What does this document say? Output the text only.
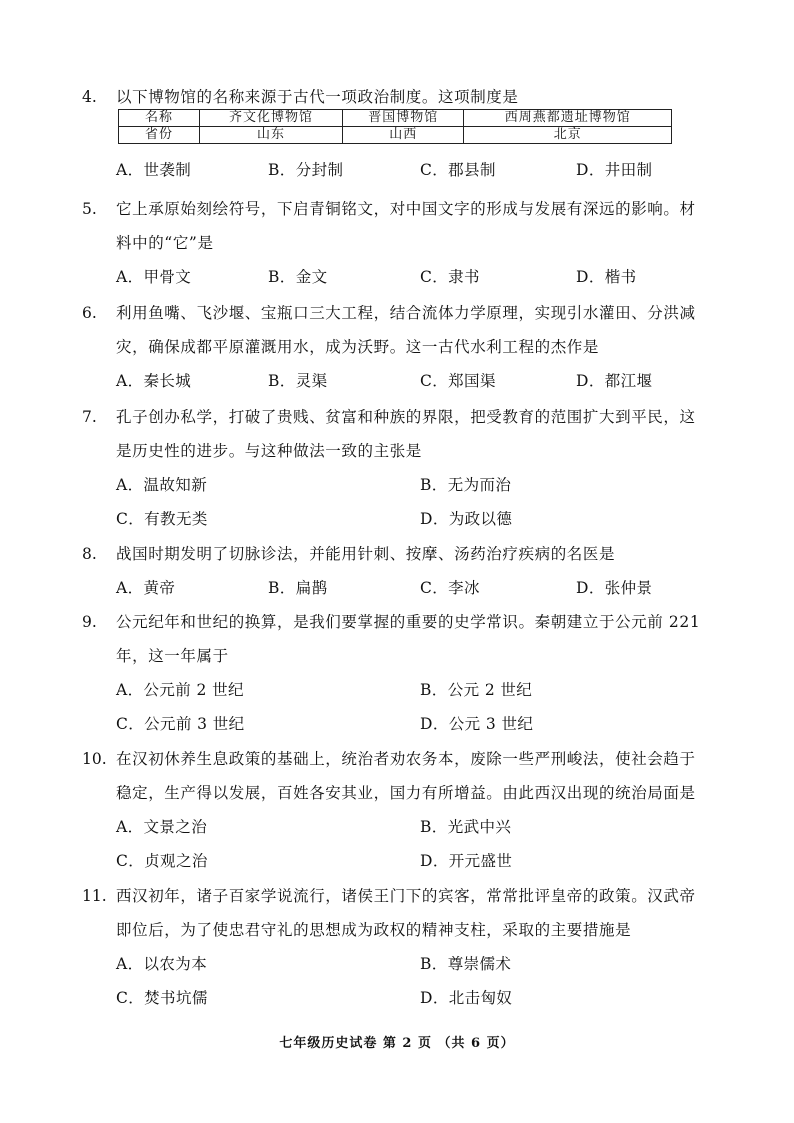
4. 以下博物馆的名称来源于古代一项政治制度。这项制度是
名称	齐文化博物馆	晋国博物馆	西周燕都遗址博物馆
省份	山东	山西	北京
A．世袭制	B．分封制	C．郡县制	D．井田制
5. 它上承原始刻绘符号，下启青铜铭文，对中国文字的形成与发展有深远的影响。材
料中的“它”是
A．甲骨文	B．金文	C．隶书	D．楷书
6. 利用鱼嘴、飞沙堰、宝瓶口三大工程，结合流体力学原理，实现引水灌田、分洪减
灾，确保成都平原灌溉用水，成为沃野。这一古代水利工程的杰作是
A．秦长城	B．灵渠	C．郑国渠	D．都江堰
7. 孔子创办私学，打破了贵贱、贫富和种族的界限，把受教育的范围扩大到平民，这
是历史性的进步。与这种做法一致的主张是
A．温故知新	B．无为而治
C．有教无类	D．为政以德
8. 战国时期发明了切脉诊法，并能用针刺、按摩、汤药治疗疾病的名医是
A．黄帝	B．扁鹊	C．李冰	D．张仲景
9. 公元纪年和世纪的换算，是我们要掌握的重要的史学常识。秦朝建立于公元前 221
年，这一年属于
A．公元前 2 世纪	B．公元 2 世纪
C．公元前 3 世纪	D．公元 3 世纪
10. 在汉初休养生息政策的基础上，统治者劝农务本，废除一些严刑峻法，使社会趋于
稳定，生产得以发展，百姓各安其业，国力有所增益。由此西汉出现的统治局面是
A．文景之治	B．光武中兴
C．贞观之治	D．开元盛世
11. 西汉初年，诸子百家学说流行，诸侯王门下的宾客，常常批评皇帝的政策。汉武帝
即位后，为了使忠君守礼的思想成为政权的精神支柱，采取的主要措施是
A．以农为本	B．尊崇儒术
C．焚书坑儒	D．北击匈奴
七年级历史试卷 第 2 页 （共 6 页）
